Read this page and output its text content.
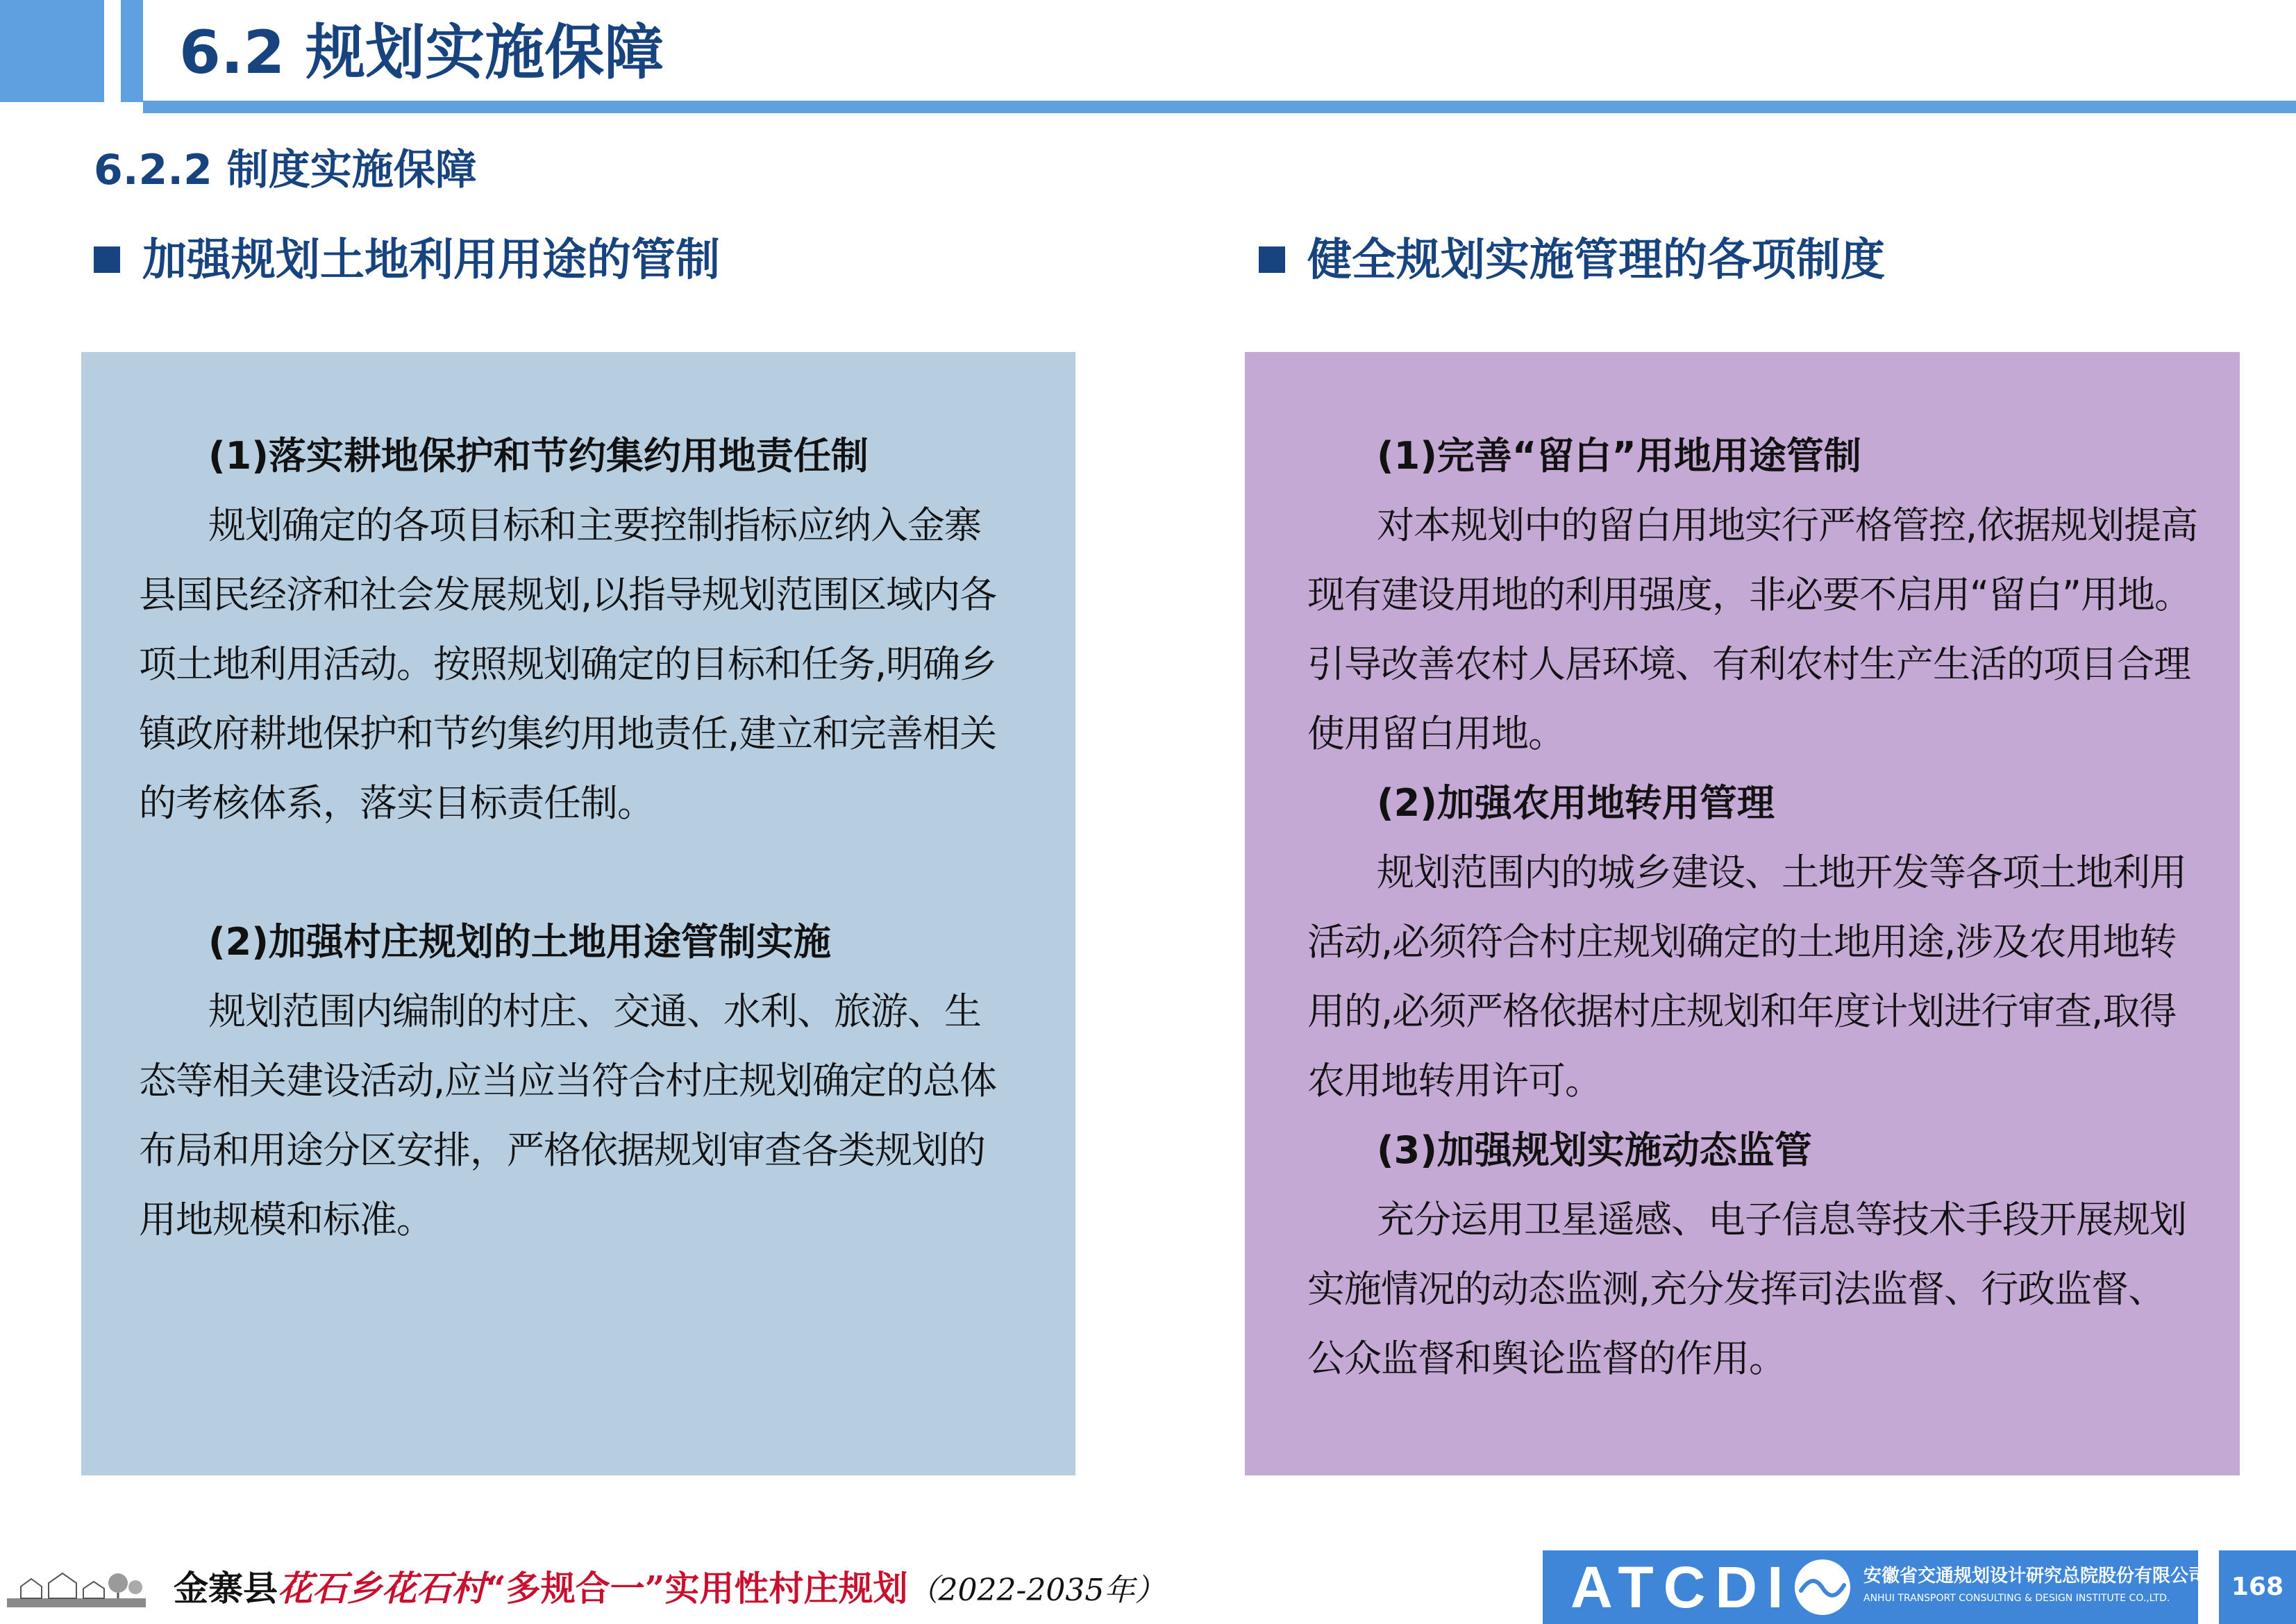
6.2 规划实施保障
6.2.2 制度实施保障
加强规划土地利用用途的管制	健全规划实施管理的各项制度
(1)落实耕地保护和节约集约用地责任制

规划确定的各项目标和主要控制指标应纳入金寨县国民经济和社会发展规划,以指导规划范围区域内各项土地利用活动。按照规划确定的目标和任务,明确乡镇政府耕地保护和节约集约用地责任,建立和完善相关的考核体系，落实目标责任制。

(2)加强村庄规划的土地用途管制实施

规划范围内编制的村庄、交通、水利、旅游、生态等相关建设活动,应当应当符合村庄规划确定的总体布局和用途分区安排，严格依据规划审查各类规划的用地规模和标准。

(1)完善“留白”用地用途管制

对本规划中的留白用地实行严格管控,依据规划提高现有建设用地的利用强度，非必要不启用“留白”用地。引导改善农村人居环境、有利农村生产生活的项目合理使用留白用地。

(2)加强农用地转用管理

规划范围内的城乡建设、土地开发等各项土地利用活动,必须符合村庄规划确定的土地用途,涉及农用地转用的,必须严格依据村庄规划和年度计划进行审查,取得农用地转用许可。

(3)加强规划实施动态监管

充分运用卫星遥感、电子信息等技术手段开展规划实施情况的动态监测,充分发挥司法监督、行政监督、公众监督和舆论监督的作用。

金寨县花石乡花石村“多规合一”实用性村庄规划（2022-2035年）	ATCDI	安徽省交通规划设计研究总院股份有限公司
ANHUI TRANSPORT CONSULTING & DESIGN INSTITUTE CO.,LTD.	168
